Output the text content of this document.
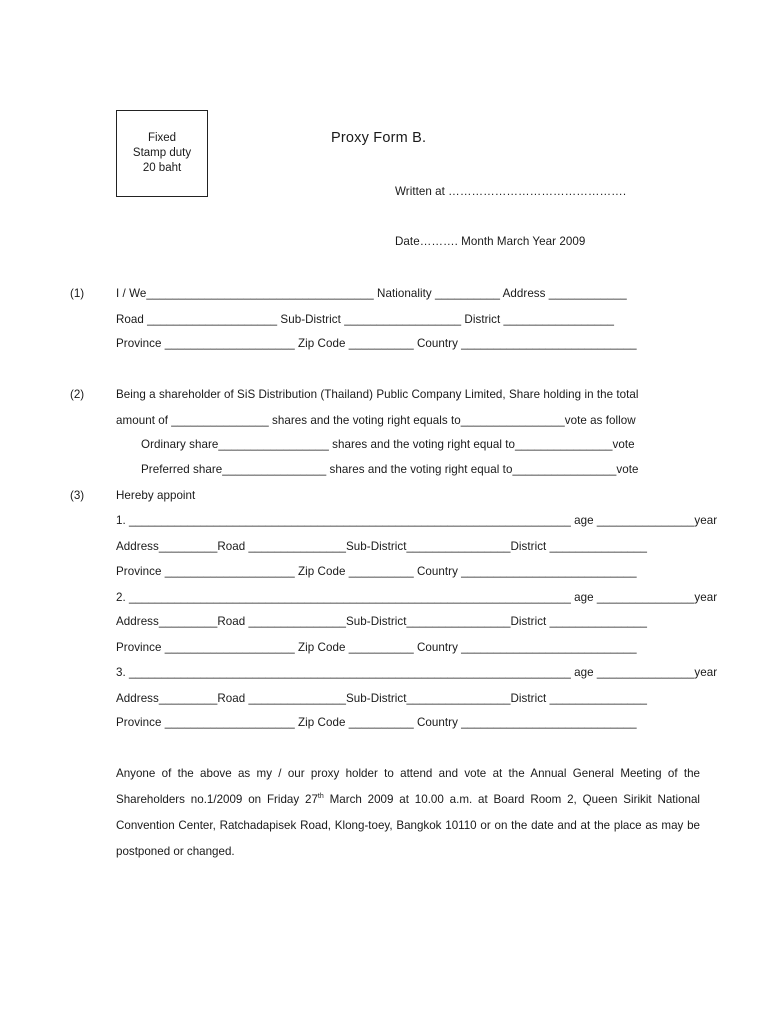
Fixed
Stamp duty
20 baht
Proxy Form B.
Written at ……………………………………….
Date………. Month March Year 2009
(1)	I / We___________________________________ Nationality __________ Address ____________
Road ____________________ Sub-District __________________ District _________________
Province ____________________ Zip Code __________ Country ___________________________
(2)	Being a shareholder of SiS Distribution (Thailand) Public Company Limited, Share holding in the total
amount of _______________ shares and the voting right equals to________________vote as follow
Ordinary share_________________ shares and the voting right equal to_______________vote
Preferred share________________ shares and the voting right equal to________________vote
(3)	Hereby appoint
1. ____________________________________________________________________ age _______________year
Address_________Road _______________Sub-District________________District _______________
Province ____________________ Zip Code __________ Country ___________________________
2. ____________________________________________________________________ age _______________year
Address_________Road _______________Sub-District________________District _______________
Province ____________________ Zip Code __________ Country ___________________________
3. ____________________________________________________________________ age _______________year
Address_________Road _______________Sub-District________________District _______________
Province ____________________ Zip Code __________ Country ___________________________
Anyone of the above as my / our proxy holder to attend and vote at the Annual General Meeting of the Shareholders no.1/2009 on Friday 27th March 2009 at 10.00 a.m. at Board Room 2, Queen Sirikit National Convention Center, Ratchadapisek Road, Klong-toey, Bangkok 10110 or on the date and at the place as may be postponed or changed.
